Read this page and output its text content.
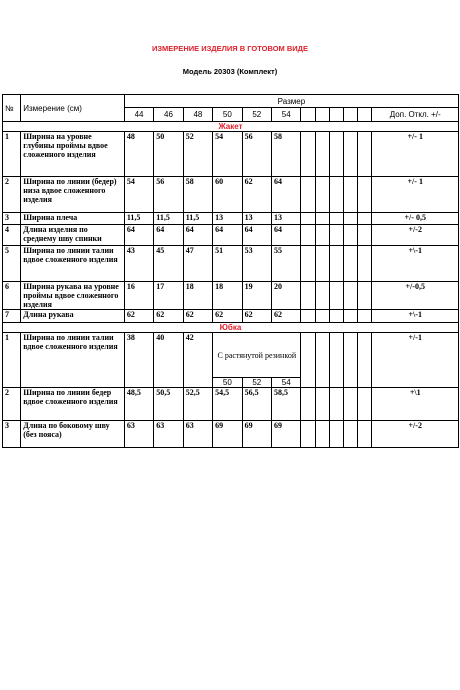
ИЗМЕРЕНИЕ ИЗДЕЛИЯ В ГОТОВОМ ВИДЕ
Модель 20303 (Комплект)
№	Измерение (см)	Размер											
		44	46	48	50	52	54						Доп. Откл. +/-
Жакет													
1	Ширина на уровне глубины проймы вдвое сложенного изделия	48	50	52	54	56	58						+/- 1
2	Ширина по линии (бедер) низа вдвое сложенного изделия	54	56	58	60	62	64						+/- 1
3	Ширина плеча	11,5	11,5	11,5	13	13	13						+/- 0,5
4	Длина изделия по среднему шву спинки	64	64	64	64	64	64						+/-2
5	Ширина по линии талии вдвое сложенного изделия	43	45	47	51	53	55						+\-1
6	Ширина рукава на уровне проймы вдвое сложенного изделия	16	17	18	18	19	20						+/-0,5
7	Длина рукава	62	62	62	62	62	62						+\-1
Юбка													
1	Ширина по линии талии вдвое сложенного изделия	38	40	42	С растянутой резинкой								+/-1
					50	52	54						
2	Ширина по линии бедер вдвое сложенного изделия	48,5	50,5	52,5	54,5	56,5	58,5						+\1
3	Длина по боковому шву (без пояса)	63	63	63	69	69	69						+/-2
